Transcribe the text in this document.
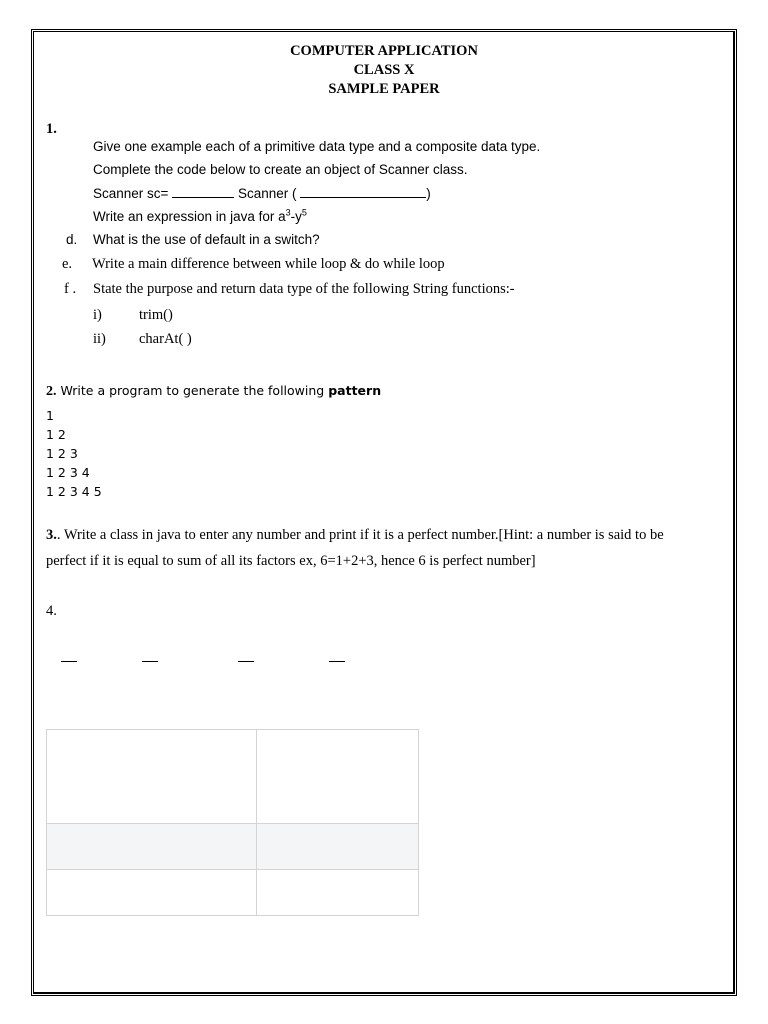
COMPUTER APPLICATION
CLASS X
SAMPLE PAPER
1.
Give one example each of a primitive data type and a composite data type.
Complete the code below to create an object of Scanner class.
Scanner sc=	Scanner (	)
Write an expression in java for $a^3-y^5$
d. What is the use of default in a switch?
e. Write a main difference between while loop & do while loop
f . State the purpose and return data type of the following String functions:-
i)	trim()
ii) charAt( )
2. Write a program to generate the following pattern
1
1 2
1 2 3
1 2 3 4
1 2 3 4 5
3.. Write a class in java to enter any number and print if it is a perfect number.[Hint: a number is said to be
perfect if it is equal to sum of all its factors ex, 6=1+2+3, hence 6 is perfect number]
4.
